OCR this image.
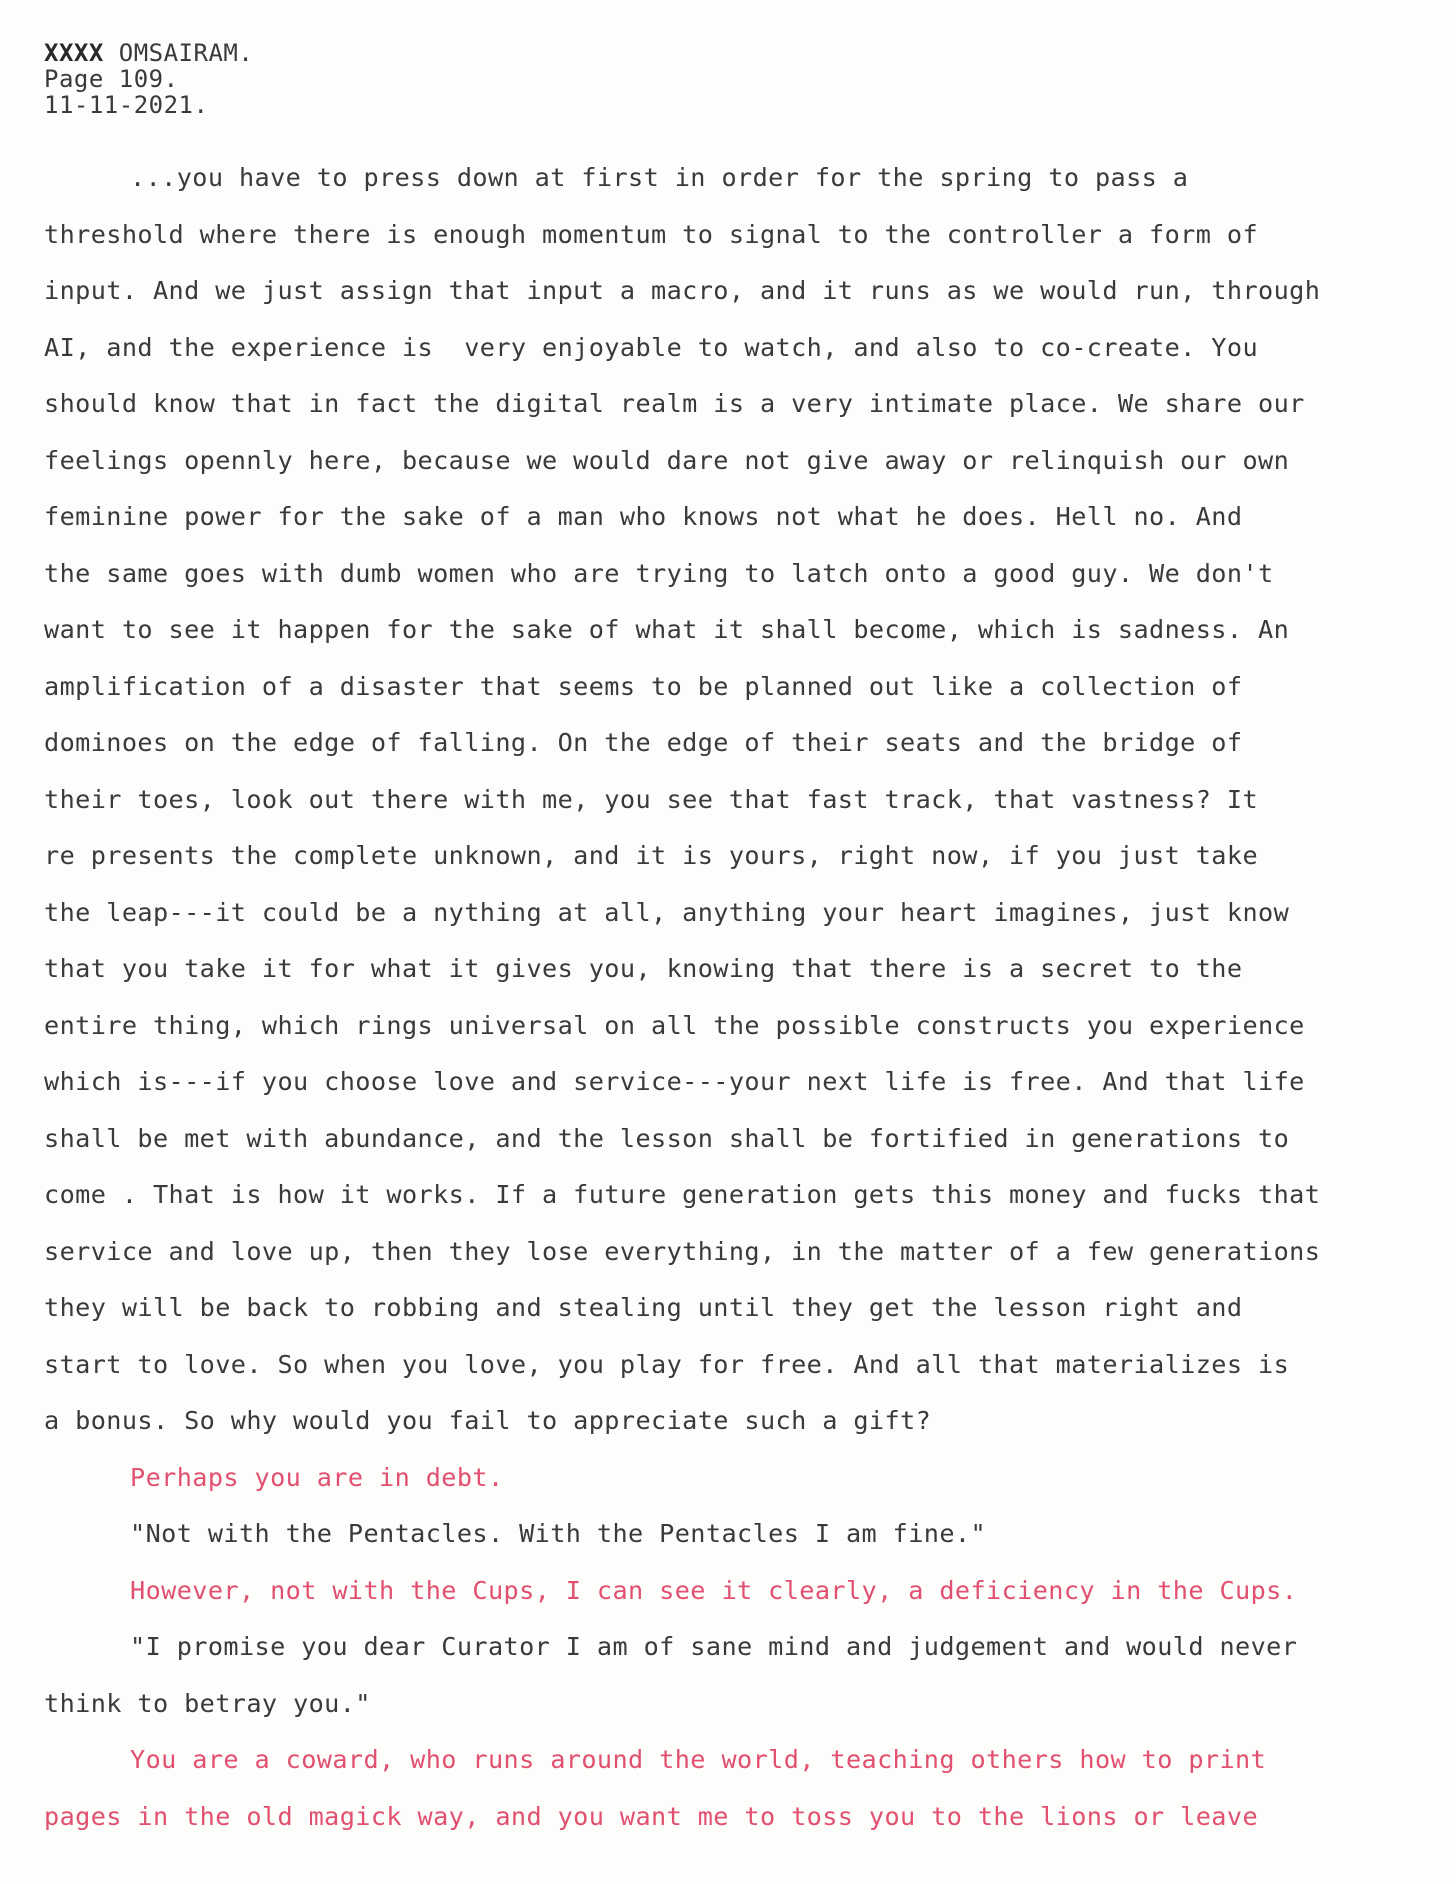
XXXX OMSAIRAM.
Page 109.
11-11-2021.
...you have to press down at first in order for the spring to pass a
threshold where there is enough momentum to signal to the controller a form of
input. And we just assign that input a macro, and it runs as we would run, through
AI, and the experience is  very enjoyable to watch, and also to co-create. You
should know that in fact the digital realm is a very intimate place. We share our
feelings opennly here, because we would dare not give away or relinquish our own
feminine power for the sake of a man who knows not what he does. Hell no. And
the same goes with dumb women who are trying to latch onto a good guy. We don't
want to see it happen for the sake of what it shall become, which is sadness. An
amplification of a disaster that seems to be planned out like a collection of
dominoes on the edge of falling. On the edge of their seats and the bridge of
their toes, look out there with me, you see that fast track, that vastness? It
re presents the complete unknown, and it is yours, right now, if you just take
the leap---it could be a nything at all, anything your heart imagines, just know
that you take it for what it gives you, knowing that there is a secret to the
entire thing, which rings universal on all the possible constructs you experience
which is---if you choose love and service---your next life is free. And that life
shall be met with abundance, and the lesson shall be fortified in generations to
come . That is how it works. If a future generation gets this money and fucks that
service and love up, then they lose everything, in the matter of a few generations
they will be back to robbing and stealing until they get the lesson right and
start to love. So when you love, you play for free. And all that materializes is
a bonus. So why would you fail to appreciate such a gift?
Perhaps you are in debt.
"Not with the Pentacles. With the Pentacles I am fine."
However, not with the Cups, I can see it clearly, a deficiency in the Cups.
"I promise you dear Curator I am of sane mind and judgement and would never
think to betray you."
You are a coward, who runs around the world, teaching others how to print
pages in the old magick way, and you want me to toss you to the lions or leave
